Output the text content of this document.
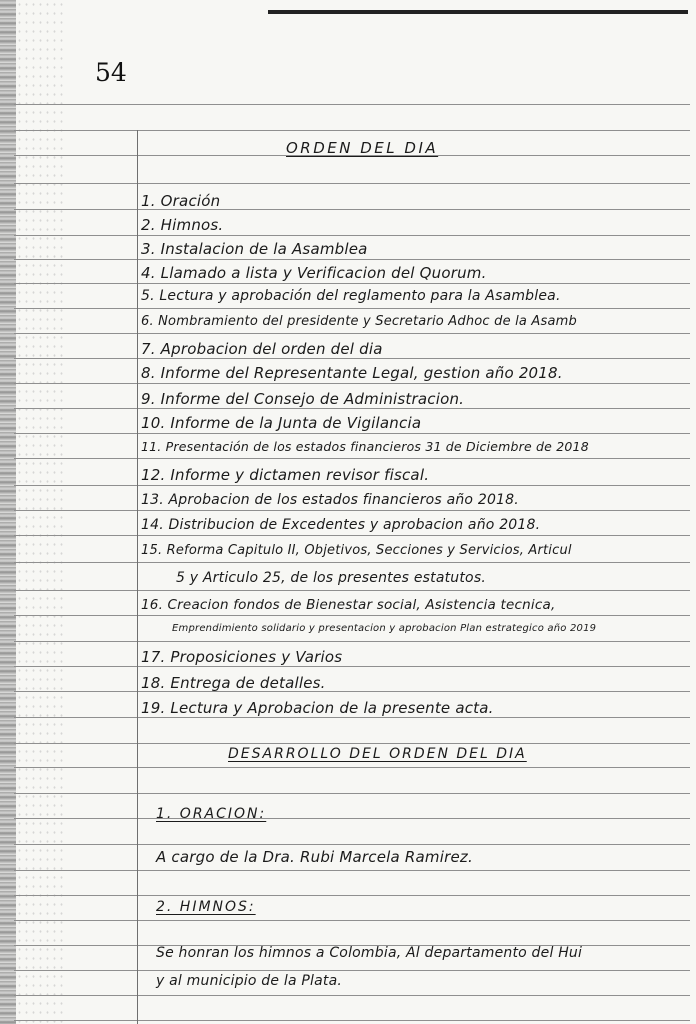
54
ORDEN DEL DIA
1. Oración
2. Himnos.
3. Instalacion de la Asamblea
4. Llamado a lista y Verificacion del Quorum.
5. Lectura y aprobación del reglamento para la Asamblea.
6. Nombramiento del presidente y Secretario Adhoc de la Asamb
7. Aprobacion del orden del dia
8. Informe del Representante Legal, gestion año 2018.
9. Informe del Consejo de Administracion.
10. Informe de la Junta de Vigilancia
11. Presentación de los estados financieros 31 de Diciembre de 2018
12. Informe y dictamen revisor fiscal.
13. Aprobacion de los estados financieros año 2018.
14. Distribucion de Excedentes y aprobacion año 2018.
15. Reforma Capitulo II, Objetivos, Secciones y Servicios, Articul
5 y Articulo 25, de los presentes estatutos.
16. Creacion fondos de Bienestar social, Asistencia tecnica,
Emprendimiento solidario y presentacion y aprobacion Plan estrategico año 2019
17. Proposiciones y Varios
18. Entrega de detalles.
19. Lectura y Aprobacion de la presente acta.
DESARROLLO DEL ORDEN DEL DIA
1. ORACION:
A cargo de la Dra. Rubi Marcela Ramirez.
2. HIMNOS:
Se honran los himnos a Colombia, Al departamento del Hui
y al municipio de la Plata.
